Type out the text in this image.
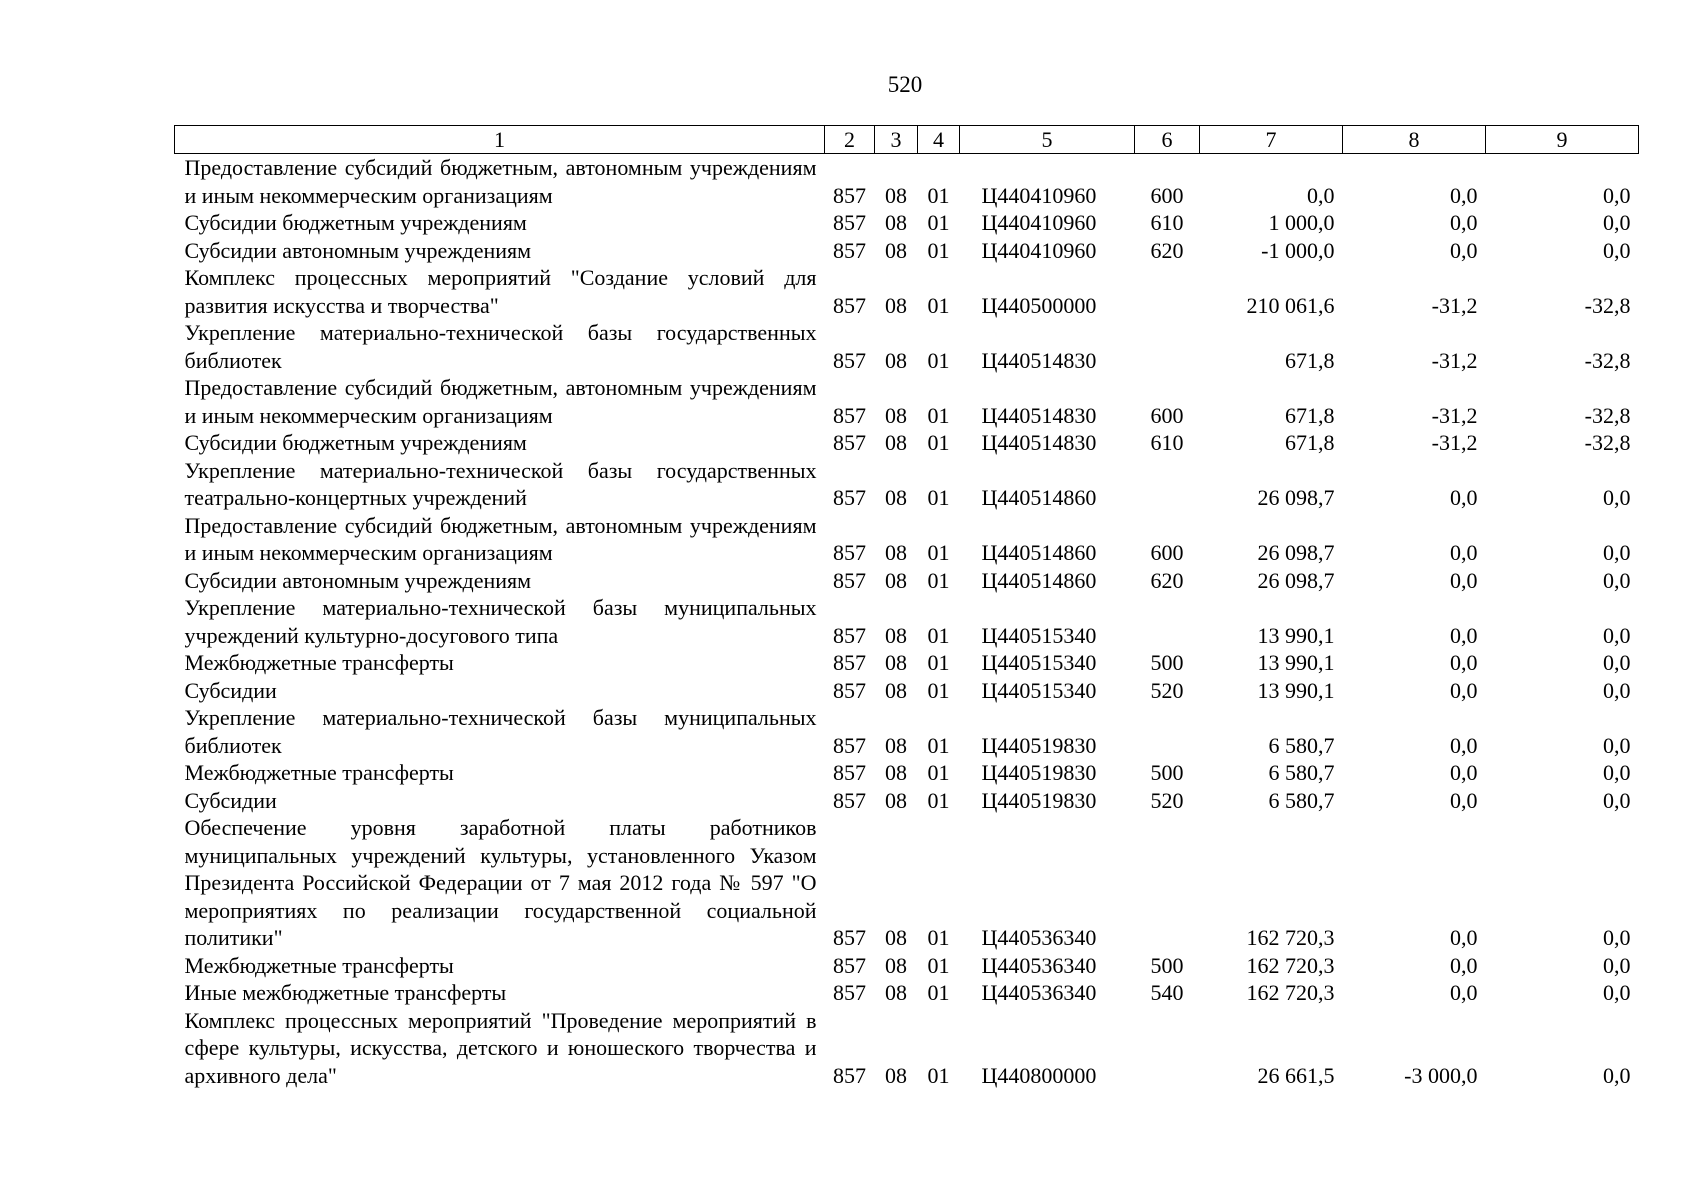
520
1	2	3	4	5	6	7	8	9
Предоставление субсидий бюджетным, автономным учреждениям и иным некоммерческим организациям	857	08	01	Ц440410960	600	0,0	0,0	0,0
Субсидии бюджетным учреждениям	857	08	01	Ц440410960	610	1 000,0	0,0	0,0
Субсидии автономным учреждениям	857	08	01	Ц440410960	620	-1 000,0	0,0	0,0
Комплекс процессных мероприятий "Создание условий для развития искусства и творчества"	857	08	01	Ц440500000		210 061,6	-31,2	-32,8
Укрепление материально-технической базы государственных библиотек	857	08	01	Ц440514830		671,8	-31,2	-32,8
Предоставление субсидий бюджетным, автономным учреждениям и иным некоммерческим организациям	857	08	01	Ц440514830	600	671,8	-31,2	-32,8
Субсидии бюджетным учреждениям	857	08	01	Ц440514830	610	671,8	-31,2	-32,8
Укрепление материально-технической базы государственных театрально-концертных учреждений	857	08	01	Ц440514860		26 098,7	0,0	0,0
Предоставление субсидий бюджетным, автономным учреждениям и иным некоммерческим организациям	857	08	01	Ц440514860	600	26 098,7	0,0	0,0
Субсидии автономным учреждениям	857	08	01	Ц440514860	620	26 098,7	0,0	0,0
Укрепление материально-технической базы муниципальных учреждений культурно-досугового типа	857	08	01	Ц440515340		13 990,1	0,0	0,0
Межбюджетные трансферты	857	08	01	Ц440515340	500	13 990,1	0,0	0,0
Субсидии	857	08	01	Ц440515340	520	13 990,1	0,0	0,0
Укрепление материально-технической базы муниципальных библиотек	857	08	01	Ц440519830		6 580,7	0,0	0,0
Межбюджетные трансферты	857	08	01	Ц440519830	500	6 580,7	0,0	0,0
Субсидии	857	08	01	Ц440519830	520	6 580,7	0,0	0,0
Обеспечение уровня заработной платы работников муниципальных учреждений культуры, установленного Указом Президента Российской Федерации от 7 мая 2012 года № 597 "О мероприятиях по реализации государственной социальной политики"	857	08	01	Ц440536340		162 720,3	0,0	0,0
Межбюджетные трансферты	857	08	01	Ц440536340	500	162 720,3	0,0	0,0
Иные межбюджетные трансферты	857	08	01	Ц440536340	540	162 720,3	0,0	0,0
Комплекс процессных мероприятий "Проведение мероприятий в сфере культуры, искусства, детского и юношеского творчества и архивного дела"	857	08	01	Ц440800000		26 661,5	-3 000,0	0,0
